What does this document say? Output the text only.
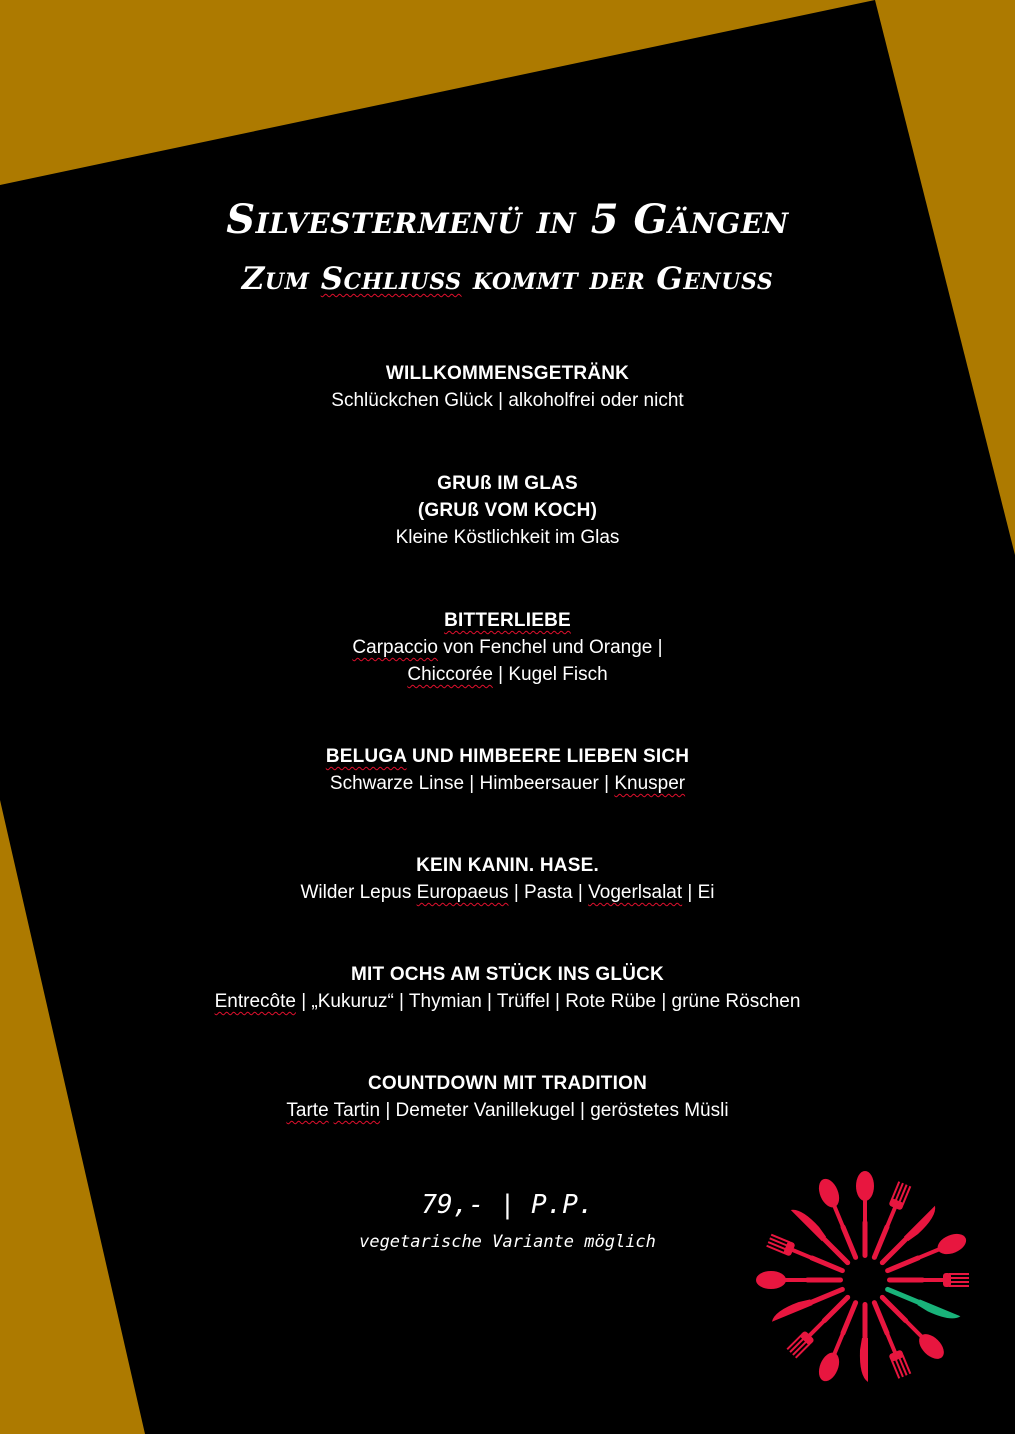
Silvestermenü in 5 Gängen
Zum Schliuss kommt der Genuss
WILLKOMMENSGETRÄNK
Schlückchen Glück | alkoholfrei oder nicht
GRUß IM GLAS
(GRUß VOM KOCH)
Kleine Köstlichkeit im Glas
BITTERLIEBE
Carpaccio von Fenchel und Orange |
Chiccorée | Kugel Fisch
BELUGA UND HIMBEERE LIEBEN SICH
Schwarze Linse | Himbeersauer | Knusper
KEIN KANIN. HASE.
Wilder Lepus Europaeus | Pasta | Vogerlsalat | Ei
MIT OCHS AM STÜCK INS GLÜCK
Entrecôte | „Kukuruz“ | Thymian | Trüffel | Rote Rübe | grüne Röschen
COUNTDOWN MIT TRADITION
Tarte Tartin | Demeter Vanillekugel | geröstetes Müsli
79,- | P.P.
vegetarische Variante möglich
